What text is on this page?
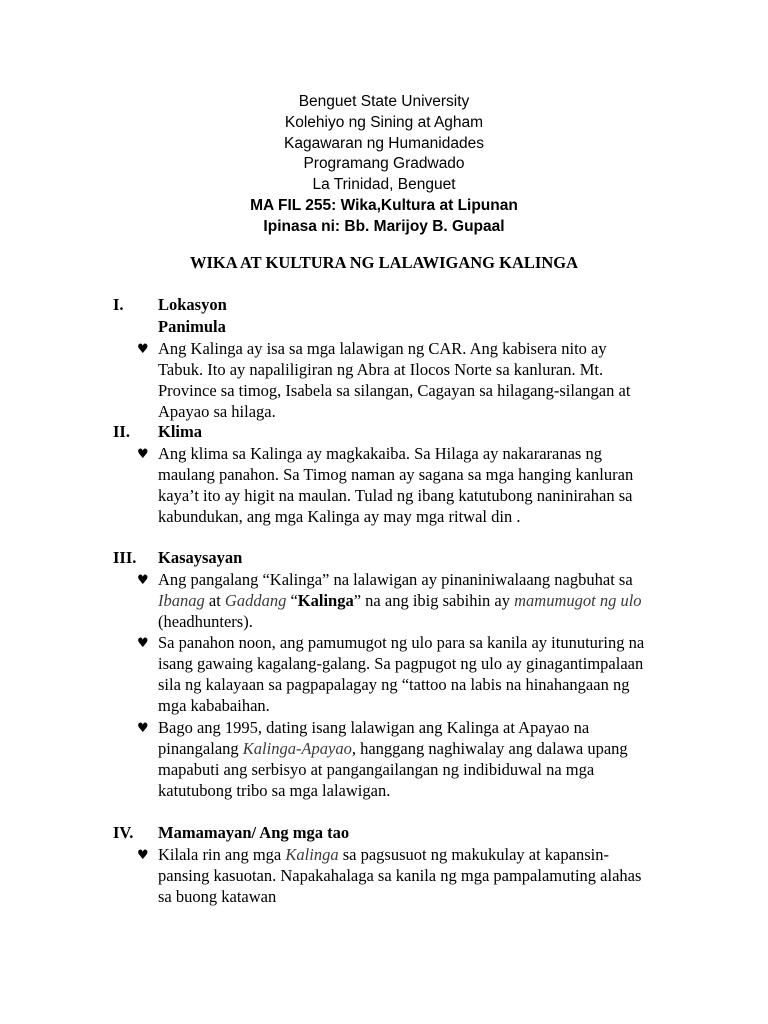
Benguet State University
Kolehiyo ng Sining at Agham
Kagawaran ng Humanidades
Programang Gradwado
La Trinidad, Benguet
MA FIL 255: Wika,Kultura at Lipunan
Ipinasa ni: Bb. Marijoy B. Gupaal
WIKA AT KULTURA NG LALAWIGANG KALINGA
I. Lokasyon
Panimula
♥ Ang Kalinga ay isa sa mga lalawigan ng CAR. Ang kabisera nito ay
Tabuk. Ito ay napaliligiran ng Abra at Ilocos Norte sa kanluran. Mt.
Province sa timog, Isabela sa silangan, Cagayan sa hilagang-silangan at
Apayao sa hilaga.
II. Klima
♥ Ang klima sa Kalinga ay magkakaiba. Sa Hilaga ay nakararanas ng
maulang panahon. Sa Timog naman ay sagana sa mga hanging kanluran
kaya’t ito ay higit na maulan. Tulad ng ibang katutubong naninirahan sa
kabundukan, ang mga Kalinga ay may mga ritwal din .
III. Kasaysayan
♥ Ang pangalang “Kalinga” na lalawigan ay pinaniniwalaang nagbuhat sa
Ibanag at Gaddang “Kalinga” na ang ibig sabihin ay mamumugot ng ulo
(headhunters).
♥ Sa panahon noon, ang pamumugot ng ulo para sa kanila ay itunuturing na
isang gawaing kagalang-galang. Sa pagpugot ng ulo ay ginagantimpalaan
sila ng kalayaan sa pagpapalagay ng “tattoo na labis na hinahangaan ng
mga kababaihan.
♥ Bago ang 1995, dating isang lalawigan ang Kalinga at Apayao na
pinangalang Kalinga-Apayao, hanggang naghiwalay ang dalawa upang
mapabuti ang serbisyo at pangangailangan ng indibiduwal na mga
katutubong tribo sa mga lalawigan.
IV. Mamamayan/ Ang mga tao
♥ Kilala rin ang mga Kalinga sa pagsusuot ng makukulay at kapansin-
pansing kasuotan. Napakahalaga sa kanila ng mga pampalamuting alahas
sa buong katawan
